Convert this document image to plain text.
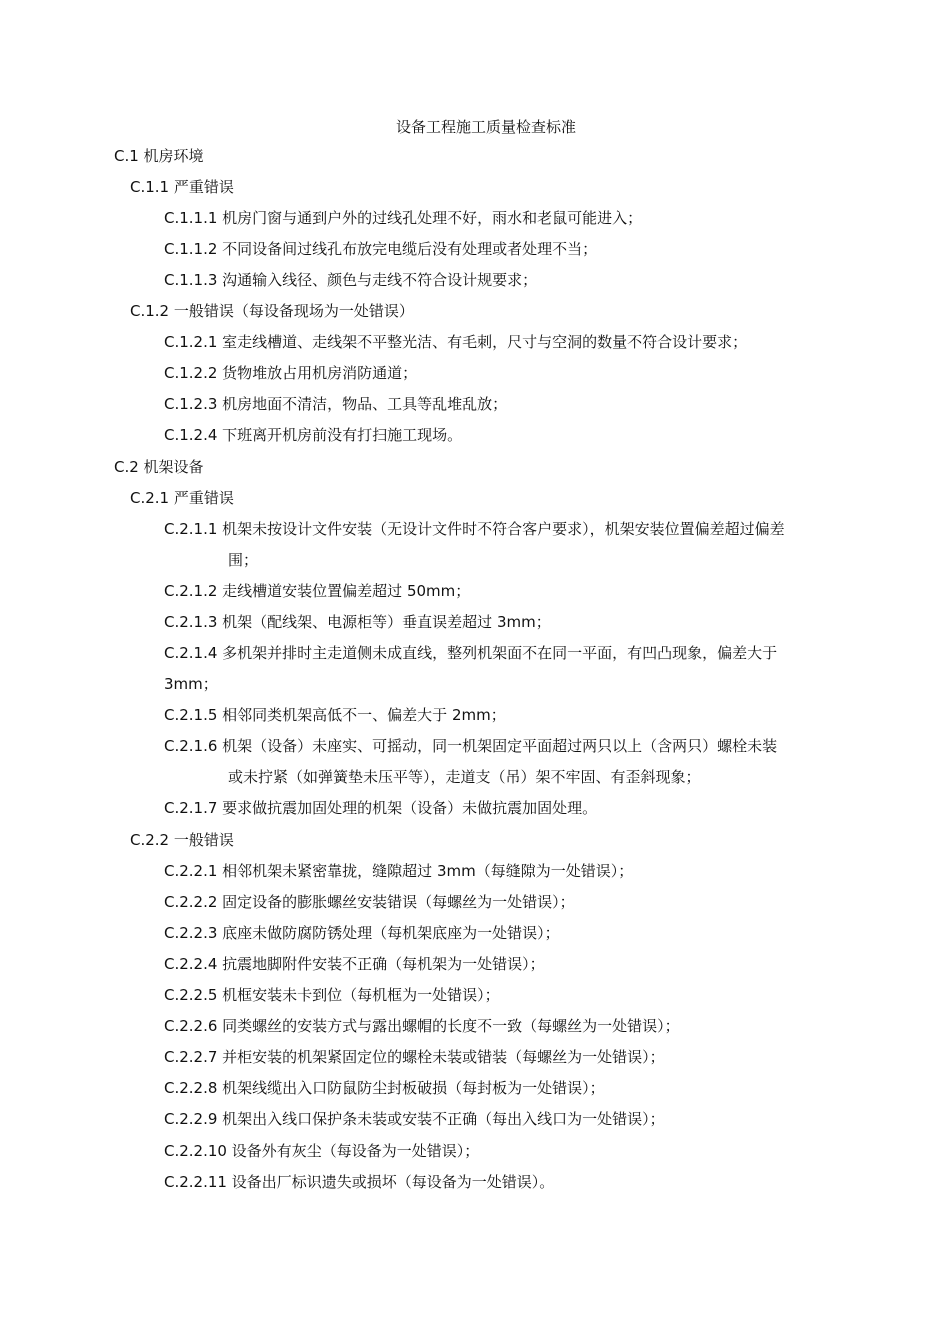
设备工程施工质量检查标准
C.1 机房环境
C.1.1 严重错误
C.1.1.1 机房门窗与通到户外的过线孔处理不好，雨水和老鼠可能进入；
C.1.1.2 不同设备间过线孔布放完电缆后没有处理或者处理不当；
C.1.1.3 沟通输入线径、颜色与走线不符合设计规要求；
C.1.2 一般错误（每设备现场为一处错误）
C.1.2.1 室走线槽道、走线架不平整光洁、有毛刺，尺寸与空洞的数量不符合设计要求；
C.1.2.2 货物堆放占用机房消防通道；
C.1.2.3 机房地面不清洁，物品、工具等乱堆乱放；
C.1.2.4 下班离开机房前没有打扫施工现场。
C.2 机架设备
C.2.1 严重错误
C.2.1.1 机架未按设计文件安装（无设计文件时不符合客户要求），机架安装位置偏差超过偏差
围；
C.2.1.2 走线槽道安装位置偏差超过 50mm；
C.2.1.3 机架（配线架、电源柜等）垂直误差超过 3mm；
C.2.1.4 多机架并排时主走道侧未成直线，整列机架面不在同一平面，有凹凸现象，偏差大于
3mm；
C.2.1.5 相邻同类机架高低不一、偏差大于 2mm；
C.2.1.6 机架（设备）未座实、可摇动，同一机架固定平面超过两只以上（含两只）螺栓未装
或未拧紧（如弹簧垫未压平等），走道支（吊）架不牢固、有歪斜现象；
C.2.1.7 要求做抗震加固处理的机架（设备）未做抗震加固处理。
C.2.2 一般错误
C.2.2.1 相邻机架未紧密靠拢，缝隙超过 3mm（每缝隙为一处错误）；
C.2.2.2 固定设备的膨胀螺丝安装错误（每螺丝为一处错误）；
C.2.2.3 底座未做防腐防锈处理（每机架底座为一处错误）；
C.2.2.4 抗震地脚附件安装不正确（每机架为一处错误）；
C.2.2.5 机框安装未卡到位（每机框为一处错误）；
C.2.2.6 同类螺丝的安装方式与露出螺帽的长度不一致（每螺丝为一处错误）；
C.2.2.7 并柜安装的机架紧固定位的螺栓未装或错装（每螺丝为一处错误）；
C.2.2.8 机架线缆出入口防鼠防尘封板破损（每封板为一处错误）；
C.2.2.9 机架出入线口保护条未装或安装不正确（每出入线口为一处错误）；
C.2.2.10 设备外有灰尘（每设备为一处错误）；
C.2.2.11 设备出厂标识遗失或损坏（每设备为一处错误）。
